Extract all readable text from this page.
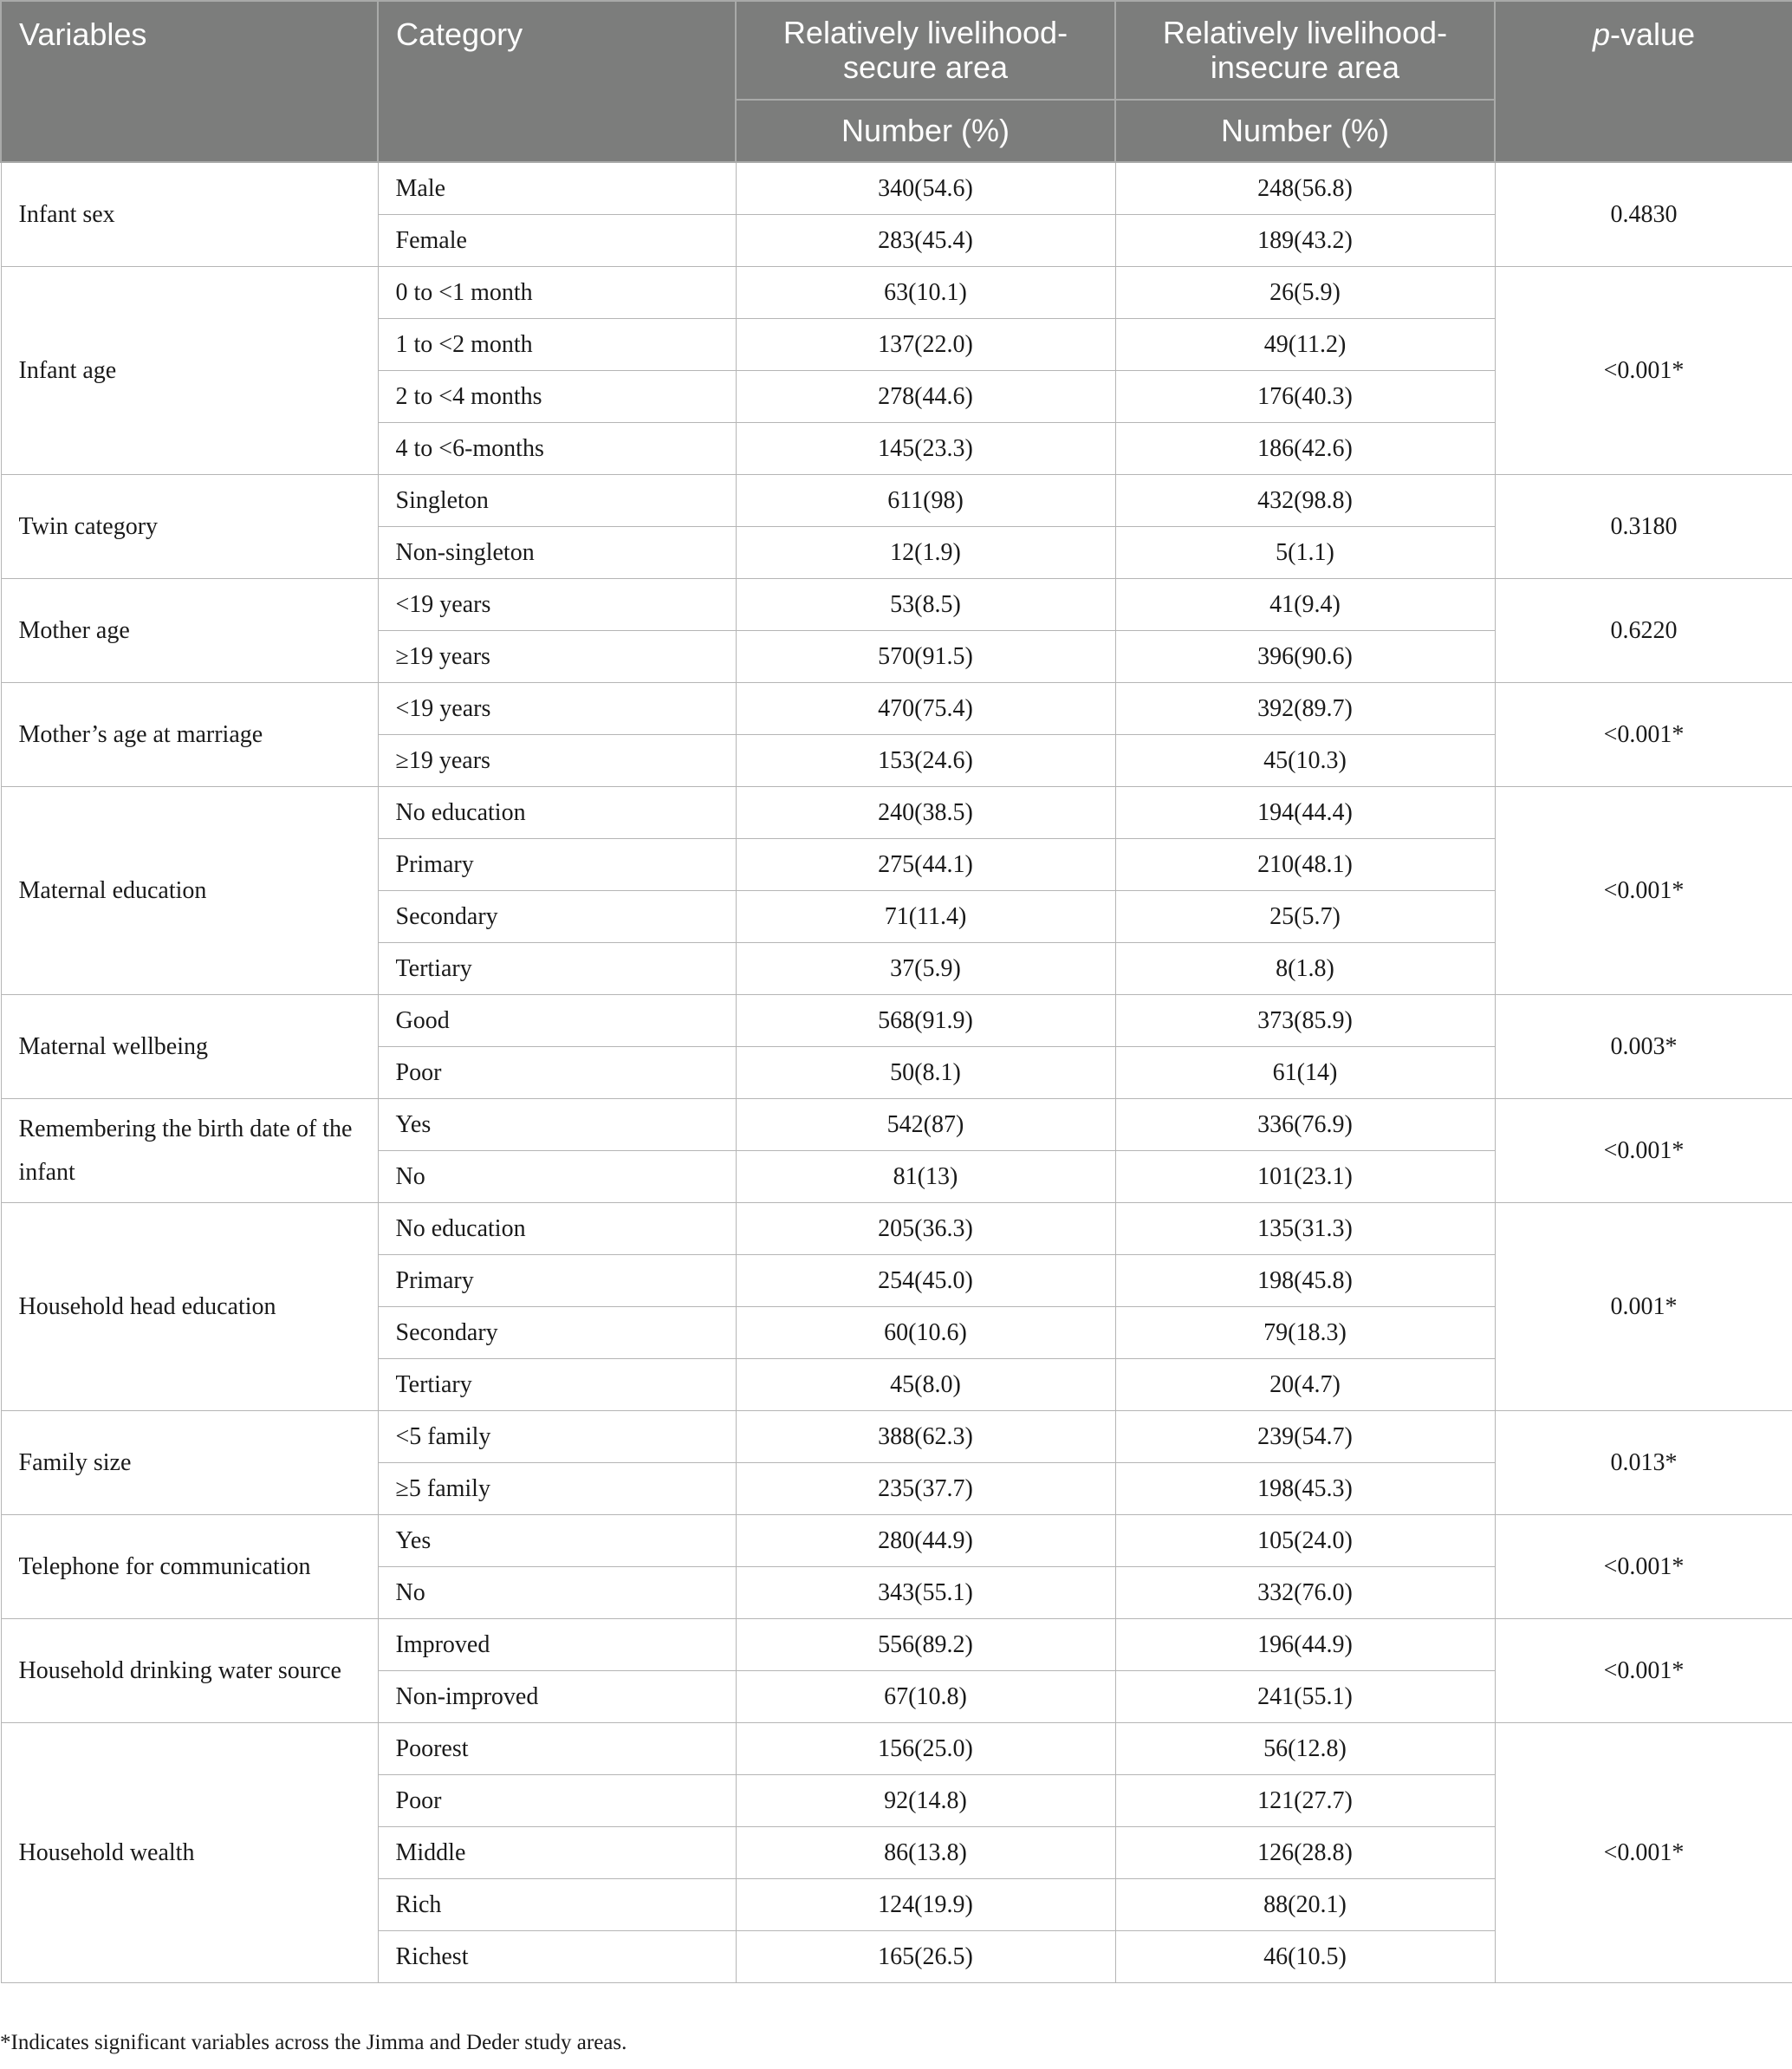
Variables	Category	Relatively livelihood-secure area	Relatively livelihood-insecure area	p-value
		Number (%)	Number (%)	
Infant sex	Male	340(54.6)	248(56.8)	0.4830
	Female	283(45.4)	189(43.2)	
Infant age	0 to <1 month	63(10.1)	26(5.9)	<0.001*
	1 to <2 month	137(22.0)	49(11.2)	
	2 to <4 months	278(44.6)	176(40.3)	
	4 to <6-months	145(23.3)	186(42.6)	
Twin category	Singleton	611(98)	432(98.8)	0.3180
	Non-singleton	12(1.9)	5(1.1)	
Mother age	<19 years	53(8.5)	41(9.4)	0.6220
	≥19 years	570(91.5)	396(90.6)	
Mother’s age at marriage	<19 years	470(75.4)	392(89.7)	<0.001*
	≥19 years	153(24.6)	45(10.3)	
Maternal education	No education	240(38.5)	194(44.4)	<0.001*
	Primary	275(44.1)	210(48.1)	
	Secondary	71(11.4)	25(5.7)	
	Tertiary	37(5.9)	8(1.8)	
Maternal wellbeing	Good	568(91.9)	373(85.9)	0.003*
	Poor	50(8.1)	61(14)	
Remembering the birth date of the infant	Yes	542(87)	336(76.9)	<0.001*
	No	81(13)	101(23.1)	
Household head education	No education	205(36.3)	135(31.3)	0.001*
	Primary	254(45.0)	198(45.8)	
	Secondary	60(10.6)	79(18.3)	
	Tertiary	45(8.0)	20(4.7)	
Family size	<5 family	388(62.3)	239(54.7)	0.013*
	≥5 family	235(37.7)	198(45.3)	
Telephone for communication	Yes	280(44.9)	105(24.0)	<0.001*
	No	343(55.1)	332(76.0)	
Household drinking water source	Improved	556(89.2)	196(44.9)	<0.001*
	Non-improved	67(10.8)	241(55.1)	
Household wealth	Poorest	156(25.0)	56(12.8)	<0.001*
	Poor	92(14.8)	121(27.7)	
	Middle	86(13.8)	126(28.8)	
	Rich	124(19.9)	88(20.1)	
	Richest	165(26.5)	46(10.5)	
*Indicates significant variables across the Jimma and Deder study areas.
